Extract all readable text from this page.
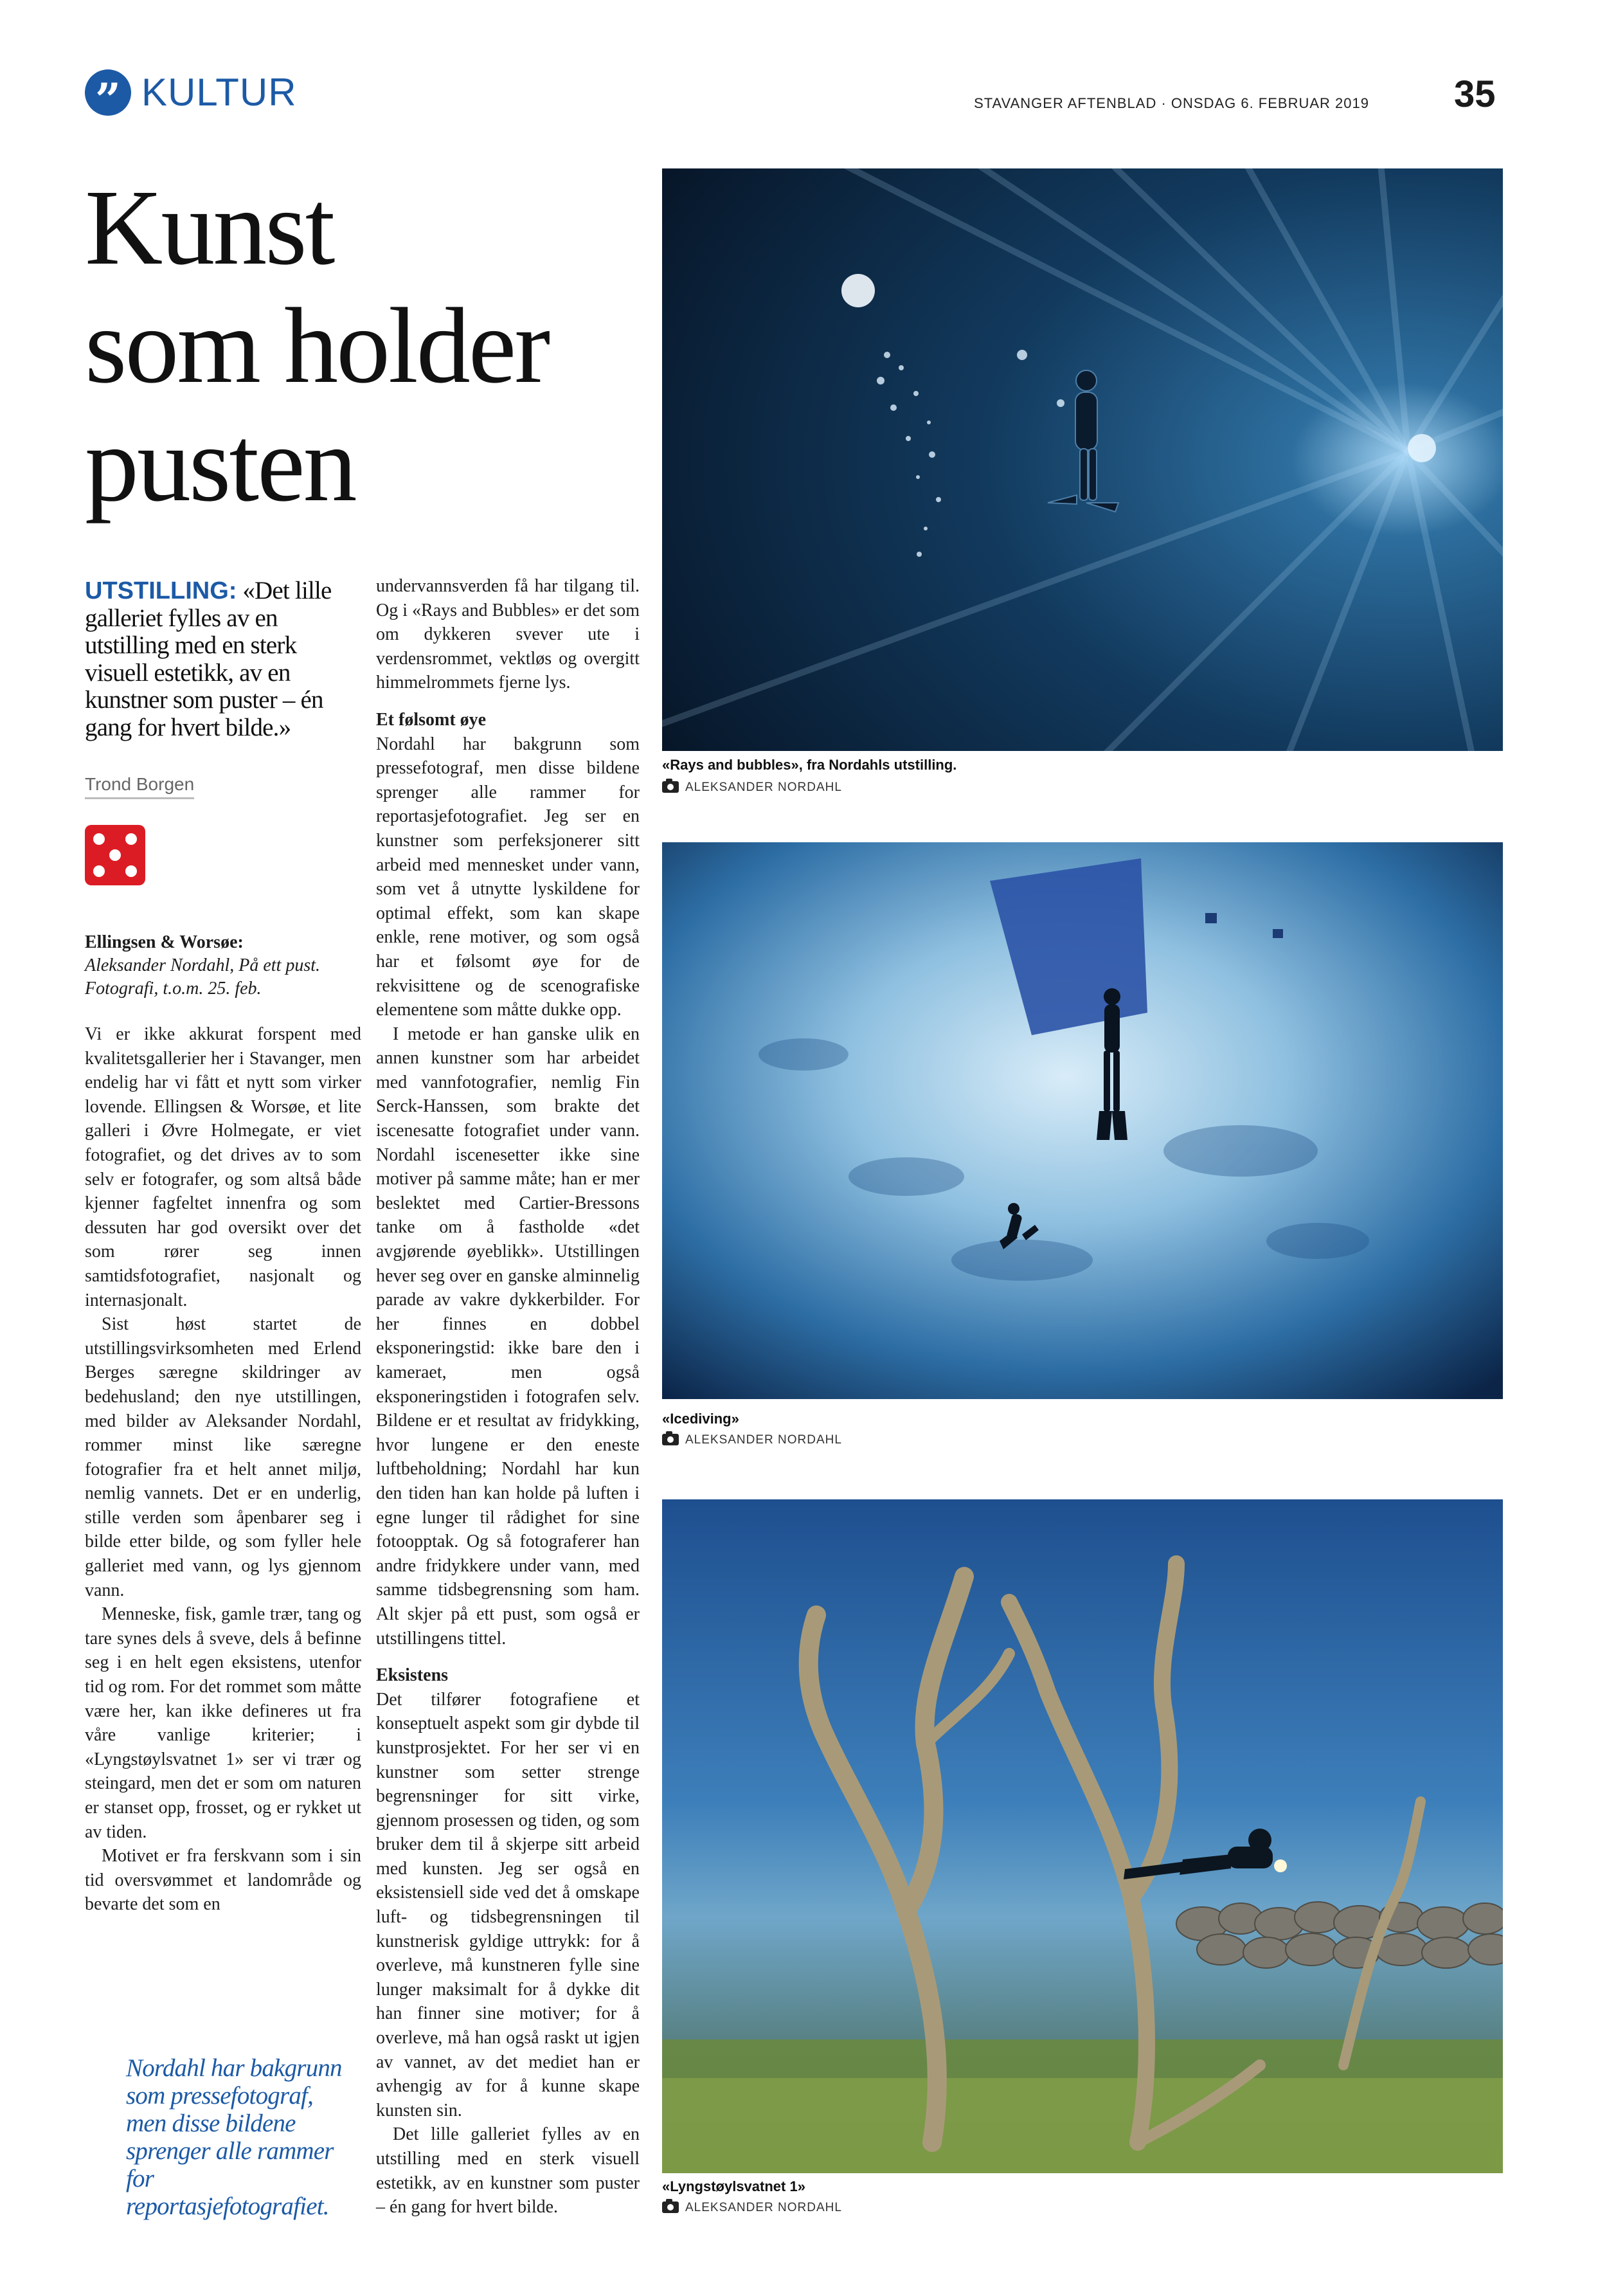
” KULTUR	STAVANGER AFTENBLAD · ONSDAG 6. FEBRUAR 2019 35
Kunst
som holder
pusten
UTSTILLING: «Det lille galleriet fylles av en utstilling med en sterk visuell estetikk, av en kunstner som puster – én gang for hvert bilde.»
Trond Borgen
Ellingsen & Worsøe:
Aleksander Nordahl, På ett pust. Fotografi, t.o.m. 25. feb.

Vi er ikke akkurat forspent med kvalitetsgallerier her i Stavanger, men endelig har vi fått et nytt som virker lovende. Ellingsen & Worsøe, et lite galleri i Øvre Holmegate, er viet fotografiet, og det drives av to som selv er fotografer, og som altså både kjenner fagfeltet innenfra og som dessuten har god oversikt over det som rører seg innen samtidsfotografiet, nasjonalt og internasjonalt.

Sist høst startet de utstillingsvirksomheten med Erlend Berges særegne skildringer av bedehusland; den nye utstillingen, med bilder av Aleksander Nordahl, rommer minst like særegne fotografier fra et helt annet miljø, nemlig vannets. Det er en underlig, stille verden som åpenbarer seg i bilde etter bilde, og som fyller hele galleriet med vann, og lys gjennom vann.

Menneske, fisk, gamle trær, tang og tare synes dels å sveve, dels å befinne seg i en helt egen eksistens, utenfor tid og rom. For det rommet som måtte være her, kan ikke defineres ut fra våre vanlige kriterier; i «Lyngstøylsvatnet 1» ser vi trær og steingard, men det er som om naturen er stanset opp, frosset, og er rykket ut av tiden.

Motivet er fra ferskvann som i sin tid oversvømmet et landområde og bevarte det som en

undervannsverden få har tilgang til. Og i «Rays and Bubbles» er det som om dykkeren svever ute i verdensrommet, vektløs og overgitt himmelrommets fjerne lys.

Et følsomt øye

Nordahl har bakgrunn som pressefotograf, men disse bildene sprenger alle rammer for reportasjefotografiet. Jeg ser en kunstner som perfeksjonerer sitt arbeid med mennesket under vann, som vet å utnytte lyskildene for optimal effekt, som kan skape enkle, rene motiver, og som også har et følsomt øye for de rekvisittene og de scenografiske elementene som måtte dukke opp.

I metode er han ganske ulik en annen kunstner som har arbeidet med vannfotografier, nemlig Fin Serck-Hanssen, som brakte det iscenesatte fotografiet under vann. Nordahl iscenesetter ikke sine motiver på samme måte; han er mer beslektet med Cartier-Bressons tanke om å fastholde «det avgjørende øyeblikk». Utstillingen hever seg over en ganske alminnelig parade av vakre dykkerbilder. For her finnes en dobbel eksponeringstid: ikke bare den i kameraet, men også eksponeringstiden i fotografen selv. Bildene er et resultat av fridykking, hvor lungene er den eneste luftbeholdning; Nordahl har kun den tiden han kan holde på luften i egne lunger til rådighet for sine fotoopptak. Og så fotograferer han andre fridykkere under vann, med samme tidsbegrensning som ham. Alt skjer på ett pust, som også er utstillingens tittel.

Eksistens

Det tilfører fotografiene et konseptuelt aspekt som gir dybde til kunstprosjektet. For her ser vi en kunstner som setter strenge begrensninger for sitt virke, gjennom prosessen og tiden, og som bruker dem til å skjerpe sitt arbeid med kunsten. Jeg ser også en eksistensiell side ved det å omskape luft- og tidsbegrensningen til kunstnerisk gyldige uttrykk: for å overleve, må kunstneren fylle sine lunger maksimalt for å dykke dit han finner sine motiver; for å overleve, må han også raskt ut igjen av vannet, av det mediet han er avhengig av for å kunne skape kunsten sin.

Det lille galleriet fylles av en utstilling med en sterk visuell estetikk, av en kunstner som puster – én gang for hvert bilde.

Nordahl har bakgrunn som pressefotograf, men disse bildene sprenger alle rammer for reportasjefotografiet.
«Rays and bubbles», fra Nordahls utstilling.
ALEKSANDER NORDAHL
«Icediving»
ALEKSANDER NORDAHL
«Lyngstøylsvatnet 1»
ALEKSANDER NORDAHL
